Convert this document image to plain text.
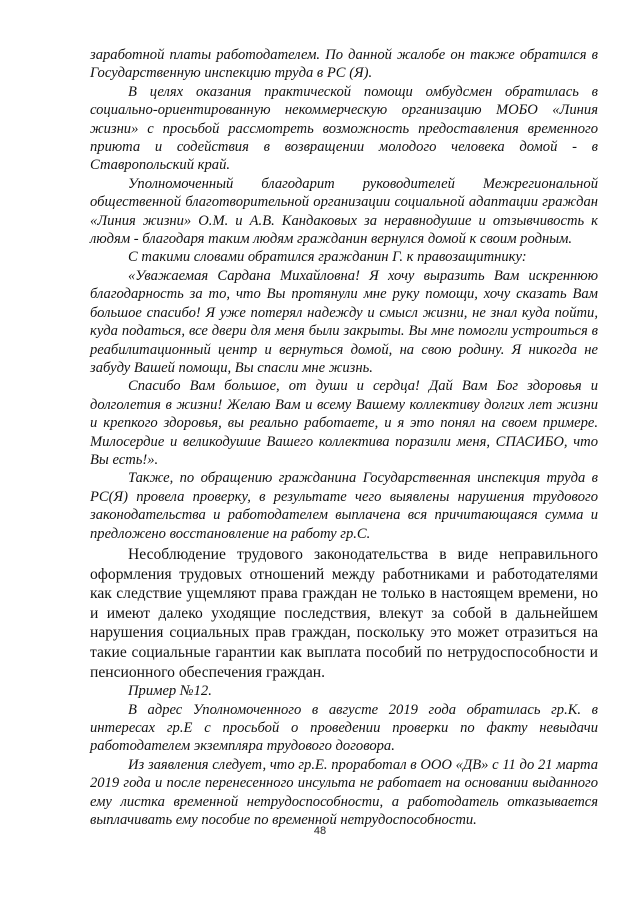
заработной платы работодателем. По данной жалобе он также обратился в Государственную инспекцию труда в РС (Я).

В целях оказания практической помощи омбудсмен обратилась в социально-ориентированную некоммерческую организацию МОБО «Линия жизни» с просьбой рассмотреть возможность предоставления временного приюта и содействия в возвращении молодого человека домой - в Ставропольский край.

Уполномоченный благодарит руководителей Межрегиональной общественной благотворительной организации социальной адаптации граждан «Линия жизни» О.М. и А.В. Кандаковых за неравнодушие и отзывчивость к людям - благодаря таким людям гражданин вернулся домой к своим родным.

С такими словами обратился гражданин Г. к правозащитнику:

«Уважаемая Сардана Михайловна! Я хочу выразить Вам искреннюю благодарность за то, что Вы протянули мне руку помощи, хочу сказать Вам большое спасибо! Я уже потерял надежду и смысл жизни, не знал куда пойти, куда податься, все двери для меня были закрыты. Вы мне помогли устроиться в реабилитационный центр и вернуться домой, на свою родину. Я никогда не забуду Вашей помощи, Вы спасли мне жизнь.

Спасибо Вам большое, от души и сердца! Дай Вам Бог здоровья и долголетия в жизни! Желаю Вам и всему Вашему коллективу долгих лет жизни и крепкого здоровья, вы реально работаете, и я это понял на своем примере. Милосердие и великодушие Вашего коллектива поразили меня, СПАСИБО, что Вы есть!».

Также, по обращению гражданина Государственная инспекция труда в РС(Я) провела проверку, в результате чего выявлены нарушения трудового законодательства и работодателем выплачена вся причитающаяся сумма и предложено восстановление на работу гр.С.

Несоблюдение трудового законодательства в виде неправильного оформления трудовых отношений между работниками и работодателями как следствие ущемляют права граждан не только в настоящем времени, но и имеют далеко уходящие последствия, влекут за собой в дальнейшем нарушения социальных прав граждан, поскольку это может отразиться на такие социальные гарантии как выплата пособий по нетрудоспособности и пенсионного обеспечения граждан.

Пример №12.

В адрес Уполномоченного в августе 2019 года обратилась гр.К. в интересах гр.Е с просьбой о проведении проверки по факту невыдачи работодателем экземпляра трудового договора.

Из заявления следует, что гр.Е. проработал в ООО «ДВ» с 11 до 21 марта 2019 года и после перенесенного инсульта не работает на основании выданного ему листка временной нетрудоспособности, а работодатель отказывается выплачивать ему пособие по временной нетрудоспособности.

48
